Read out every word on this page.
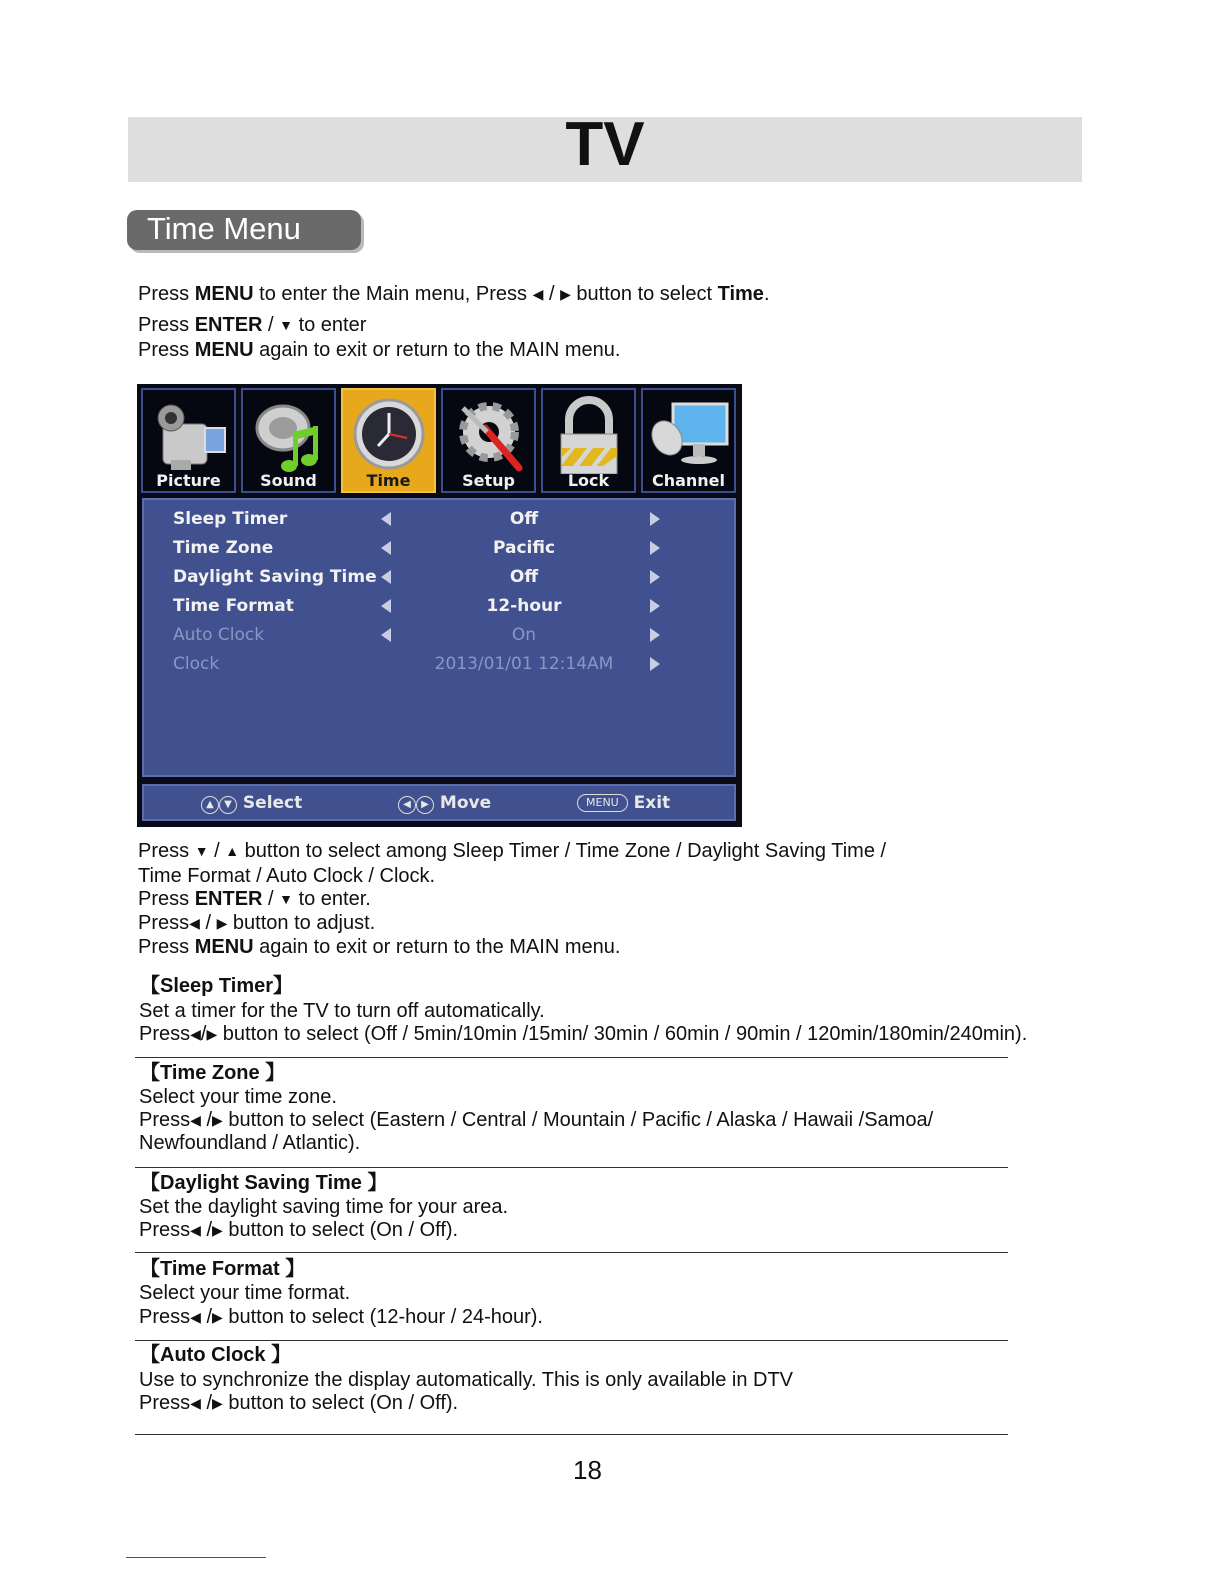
TV
Time Menu
Press MENU to enter the Main menu, Press ◀ / ▶ button to select Time.
Press ENTER / ▼ to enter
Press MENU again to exit or return to the MAIN menu.
Picture	Sound	Time	Setup	Lock	Channel
Sleep Timer	Off
Time Zone	Pacific
Daylight Saving Time	Off
Time Format	12-hour
Auto Clock	On
Clock	2013/01/01 12:14AM
▲ ▼ Select	◀ ▶ Move	MENU Exit
Press ▼ / ▲ button to select among Sleep Timer / Time Zone / Daylight Saving Time /
Time Format / Auto Clock / Clock.
Press ENTER / ▼ to enter.
Press◀ / ▶ button to adjust.
Press MENU again to exit or return to the MAIN menu.
【Sleep Timer】
Set a timer for the TV to turn off automatically.
Press◀/▶ button to select (Off / 5min/10min /15min/ 30min / 60min / 90min / 120min/180min/240min).
【Time Zone 】
Select your time zone.
Press◀ /▶ button to select (Eastern / Central / Mountain / Pacific / Alaska / Hawaii /Samoa/
Newfoundland / Atlantic).
【Daylight Saving Time 】
Set the daylight saving time for your area.
Press◀ /▶ button to select (On / Off).
【Time Format 】
Select your time format.
Press◀ /▶ button to select (12-hour / 24-hour).
【Auto Clock 】
Use to synchronize the display automatically. This is only available in DTV
Press◀ /▶ button to select (On / Off).
18
